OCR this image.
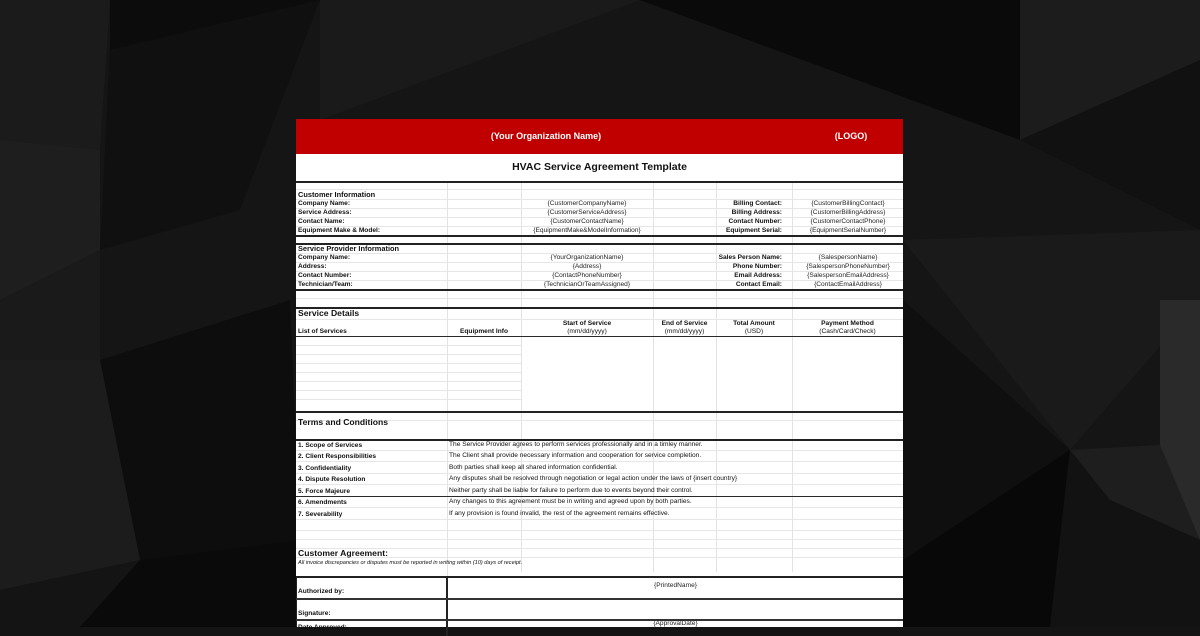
(Your Organization Name)	(LOGO)
HVAC Service Agreement Template
Customer Information
Company Name:
Service Address:
Contact Name:
Equipment Make & Model:
{CustomerCompanyName}
{CustomerServiceAddress}
{CustomerContactName}
{EquipmentMake&ModelInformation}
Billing Contact:
Billing Address:
Contact Number:
Equipment Serial:
{CustomerBillingContact}
{CustomerBillingAddress}
{CustomerContactPhone}
{EquipmentSerialNumber}
Service Provider Information
Company Name:
Address:
Contact Number:
Technician/Team:
{YourOrganizationName}
{Address}
{ContactPhoneNumber}
{TechnicianOrTeamAssigned}
Sales Person Name:
Phone Number:
Email Address:
Contact Email:
{SalespersonName}
{SalespersonPhoneNumber}
{SalespersonEmailAddress}
{ContactEmailAddress}
Service Details
List of Services	Equipment Info
Start of Service
(mm/dd/yyyy)
End of Service
(mm/dd/yyyy)
Total Amount
(USD)
Payment Method
(Cash/Card/Check)
Terms and Conditions
1. Scope of Services
2. Client Responsibilities
3. Confidentiality
4. Dispute Resolution
5. Force Majeure
6. Amendments
7. Severability
The Service Provider agrees to perform services professionally and in a timley manner.
The Client shall provide necessary information and cooperation for service completion.
Both parties shall keep all shared information confidential.
Any disputes shall be resolved through negotiation or legal action under the laws of {insert country}
Neither party shall be liable for failure to perform due to events beyond their control.
Any changes to this agreement must be in writing and agreed upon by both parties.
If any provision is found invalid, the rest of the agreement remains effective.
Customer Agreement:
All invoice discrepancies or disputes must be reported in writing within (10) days of receipt.
Authorized by:
{PrintedName}
Signature:
Date Approved:
{ApprovalDate}
